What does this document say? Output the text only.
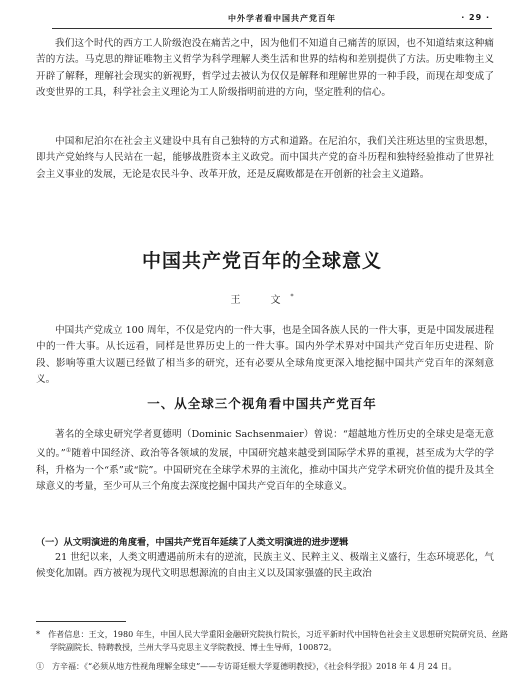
中外学者看中国共产党百年	· 29 ·

我们这个时代的西方工人阶级泡没在痛苦之中，因为他们不知道自己痛苦的原因，也不知道结束这种痛苦的方法。马克思的辩证唯物主义哲学为科学理解人类生活和世界的结构和差别提供了方法。历史唯物主义开辟了解释，理解社会现实的新视野，哲学过去被认为仅仅是解释和理解世界的一种手段，而现在却变成了改变世界的工具，科学社会主义理论为工人阶级指明前进的方向，坚定胜利的信心。

中国和尼泊尔在社会主义建设中具有自己独特的方式和道路。在尼泊尔，我们关注班达里的宝贵思想，即共产党始终与人民站在一起，能够战胜资本主义政党。而中国共产党的奋斗历程和独特经验推动了世界社会主义事业的发展，无论是农民斗争、改革开放，还是反腐败都是在开创新的社会主义道路。

中国共产党百年的全球意义
王　文*

中国共产党成立 100 周年，不仅是党内的一件大事，也是全国各族人民的一件大事，更是中国发展进程中的一件大事。从长远看，同样是世界历史上的一件大事。国内外学术界对中国共产党百年历史进程、阶段、影响等重大议题已经做了相当多的研究，还有必要从全球角度更深入地挖掘中国共产党百年的深刻意义。

一、从全球三个视角看中国共产党百年

著名的全球史研究学者夏德明（Dominic Sachsenmaier）曾说：“超越地方性历史的全球史是毫无意义的。”①随着中国经济、政治等各领域的发展，中国研究越来越受到国际学术界的重视，甚至成为大学的学科，升格为一个“系”或“院”。中国研究在全球学术界的主流化，推动中国共产党学术研究价值的提升及其全球意义的考量，至少可从三个角度去深度挖掘中国共产党百年的全球意义。

（一）从文明演进的角度看，中国共产党百年延续了人类文明演进的进步逻辑

21 世纪以来，人类文明遭遇前所未有的逆流，民族主义、民粹主义、极端主义盛行，生态环境恶化，气候变化加剧。西方被视为现代文明思想源流的自由主义以及国家强盛的民主政治

*  作者信息：王文，1980 年生，中国人民大学重阳金融研究院执行院长，习近平新时代中国特色社会主义思想研究院研究员、丝路学院副院长、特聘教授，兰州大学马克思主义学院教授、博士生导师，100872。

①  方辛福：《“必须从地方性视角理解全球史”——专访哥廷根大学夏德明教授》，《社会科学报》2018 年 4 月 24 日。
